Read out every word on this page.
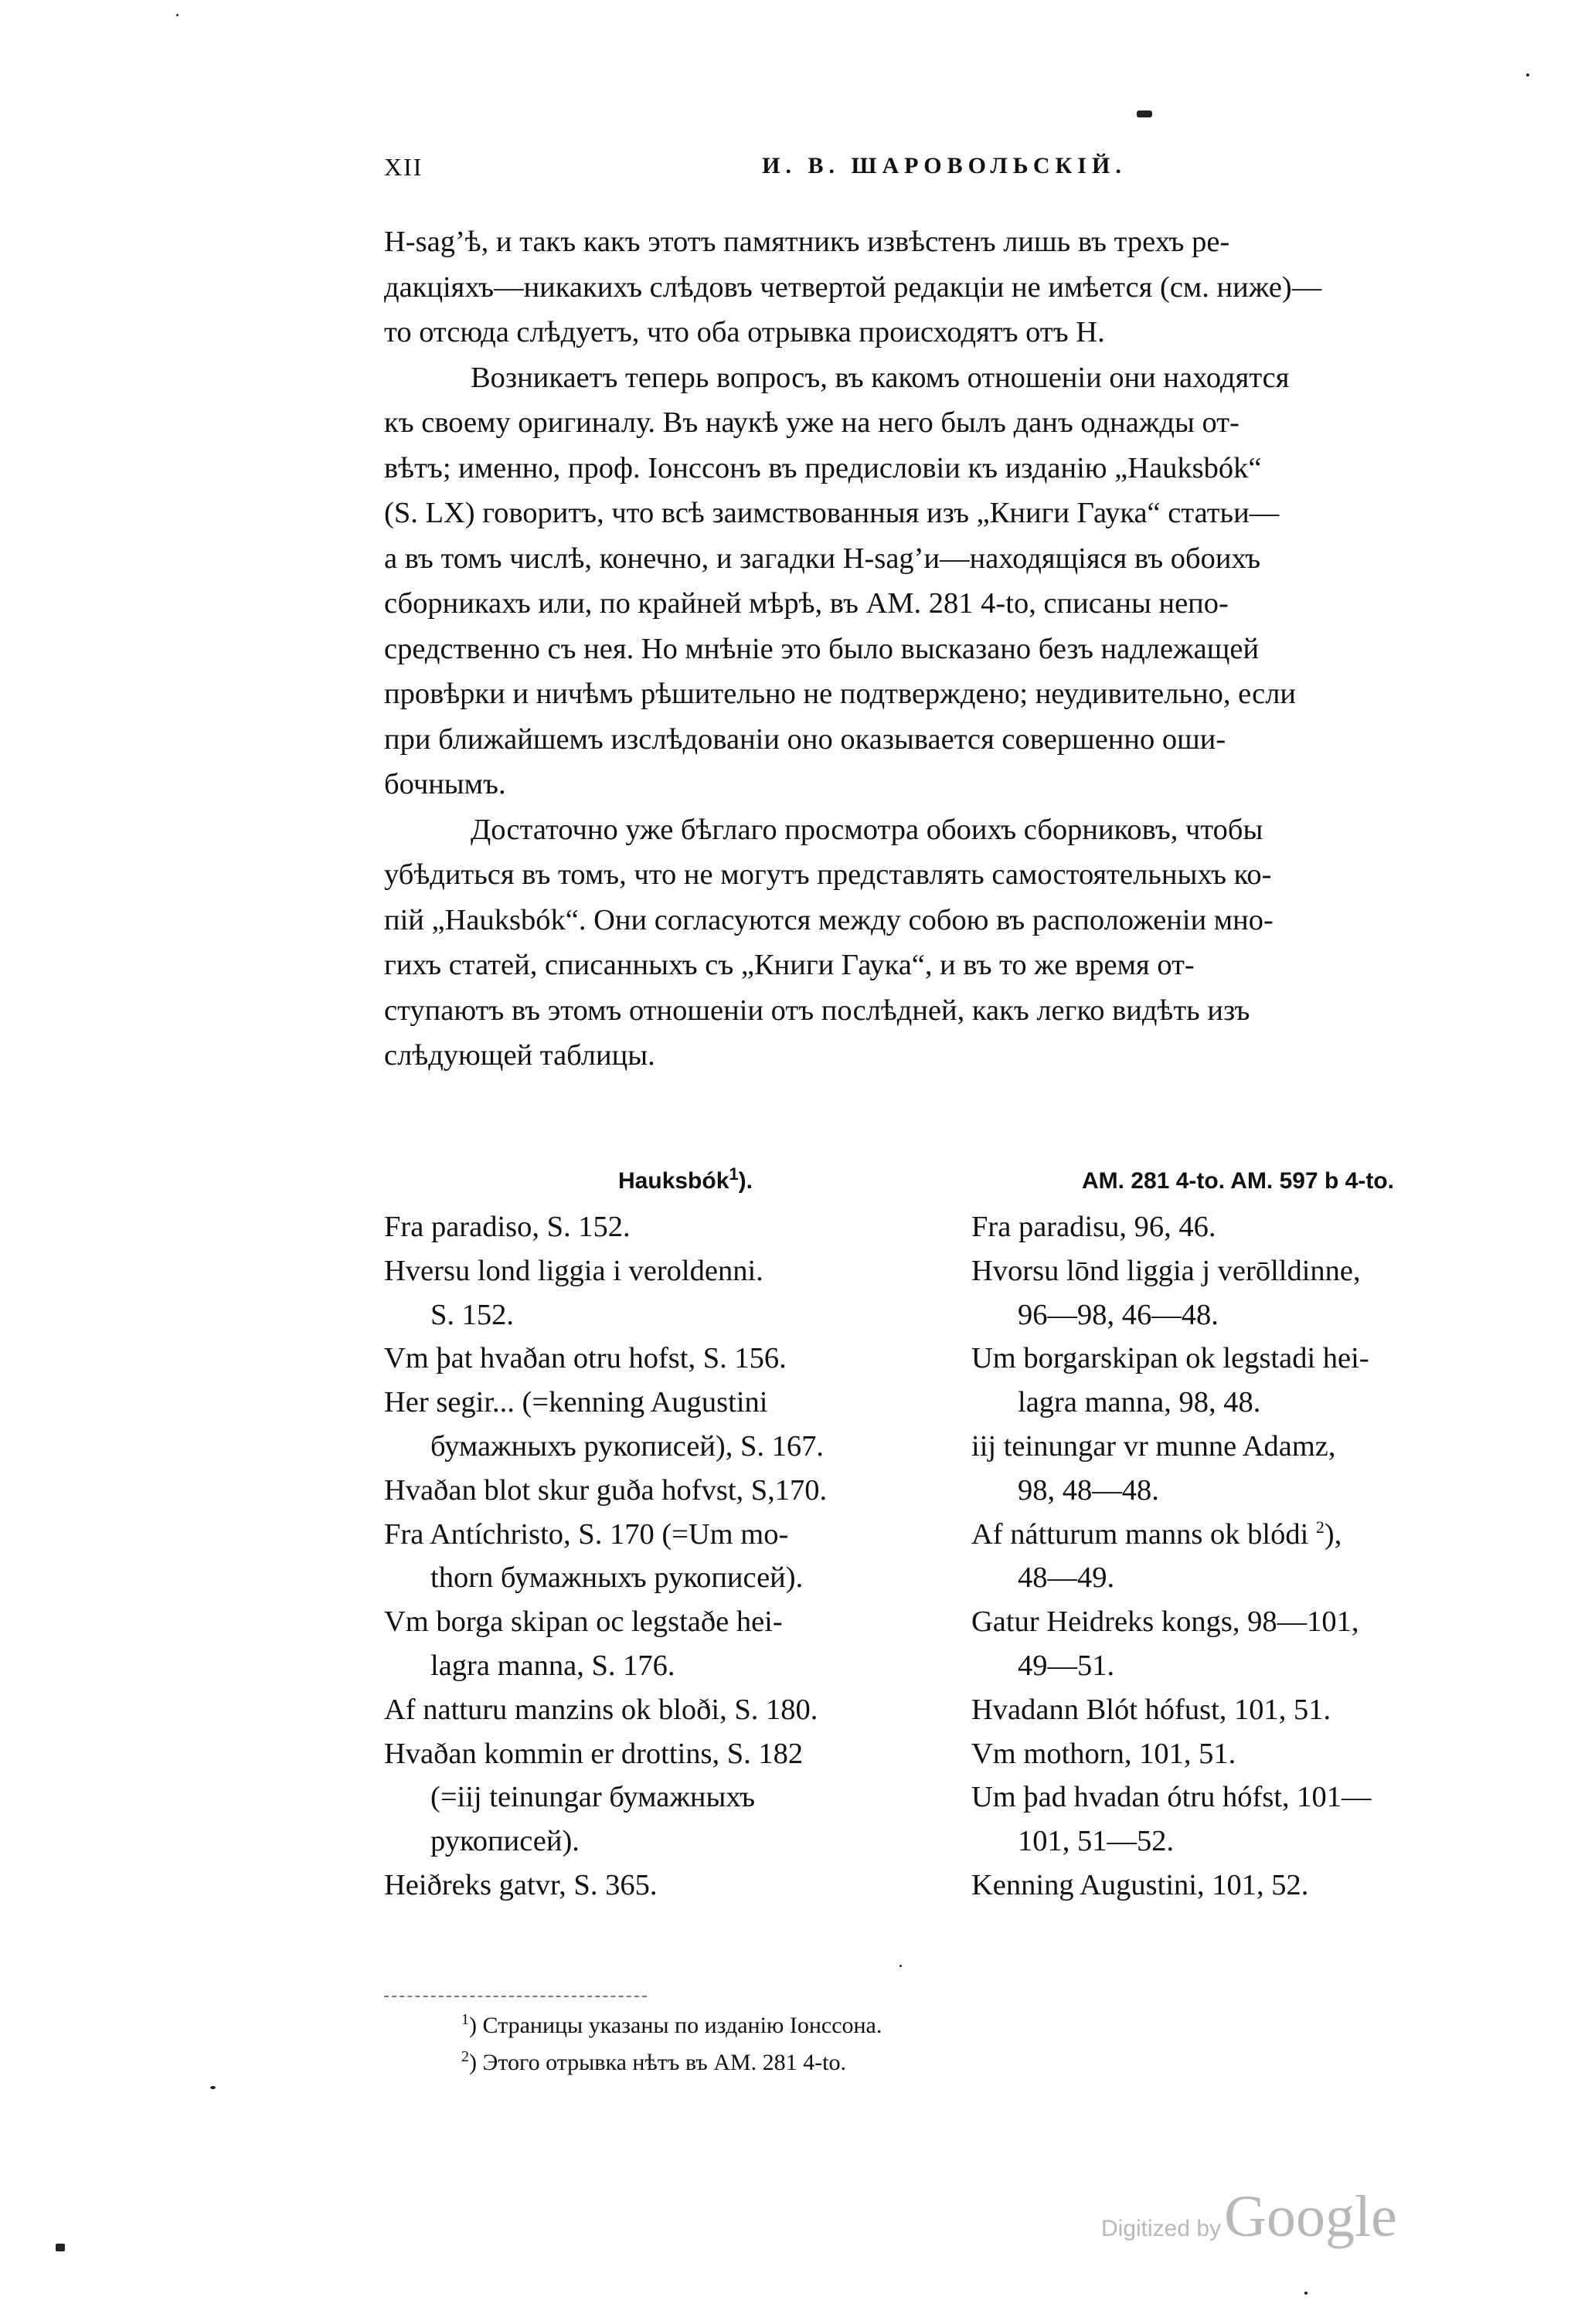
XII	И. В. ШАРОВОЛЬСКІЙ.

H-sag’ѣ, и такъ какъ этотъ памятникъ извѣстенъ лишь въ трехъ ре-
дакціяхъ—никакихъ слѣдовъ четвертой редакціи не имѣется (см. ниже)—
то отсюда слѣдуетъ, что оба отрывка происходятъ отъ H.

Возникаетъ теперь вопросъ, въ какомъ отношеніи они находятся
къ своему оригиналу. Въ наукѣ уже на него былъ данъ однажды от-
вѣтъ; именно, проф. Іонссонъ въ предисловіи къ изданію „Hauksbók“
(S. LX) говоритъ, что всѣ заимствованныя изъ „Книги Гаука“ статьи—
а въ томъ числѣ, конечно, и загадки H-sag’и—находящіяся въ обоихъ
сборникахъ или, по крайней мѣрѣ, въ AM. 281 4-to, списаны непо-
средственно съ нея. Но мнѣніе это было высказано безъ надлежащей
провѣрки и ничѣмъ рѣшительно не подтверждено; неудивительно, если
при ближайшемъ изслѣдованіи оно оказывается совершенно оши-
бочнымъ.

Достаточно уже бѣглаго просмотра обоихъ сборниковъ, чтобы
убѣдиться въ томъ, что не могутъ представлять самостоятельныхъ ко-
пій „Hauksbók“. Они согласуются между собою въ расположеніи мно-
гихъ статей, списанныхъ съ „Книги Гаука“, и въ то же время от-
ступаютъ въ этомъ отношеніи отъ послѣдней, какъ легко видѣть изъ
слѣдующей таблицы.

Hauksbók$^1$).

Fra paradiso, S. 152.

Hversu lond liggia i veroldenni.
S. 152.

Vm þat hvaðan otru hofst, S. 156.

Her segir... (=kenning Augustini
бумажныхъ рукописей), S. 167.

Hvaðan blot skur guða hofvst, S,170.

Fra Antíchristo, S. 170 (=Um mo-
thorn бумажныхъ рукописей).

Vm borga skipan oc legstaðe hei-
lagra manna, S. 176.

Af natturu manzins ok bloði, S. 180.

Hvaðan kommin er drottins, S. 182
(=iij teinungar бумажныхъ
рукописей).

Heiðreks gatvr, S. 365.

AM. 281 4-to. AM. 597 b 4-to.

Fra paradisu, 96, 46.

Hvorsu lōnd liggia j verōlldinne,
96—98, 46—48.

Um borgarskipan ok legstadi hei-
lagra manna, 98, 48.

iij teinungar vr munne Adamz,
98, 48—48.

Af nátturum manns ok blódi $^2$),
48—49.

Gatur Heidreks kongs, 98—101,
49—51.

Hvadann Blót hófust, 101, 51.

Vm mothorn, 101, 51.

Um þad hvadan ótru hófst, 101—
101, 51—52.

Kenning Augustini, 101, 52.

$^1$) Страницы указаны по изданію Іонссона.
$^2$) Этого отрывка нѣтъ въ AM. 281 4-to.
Digitized by Google
